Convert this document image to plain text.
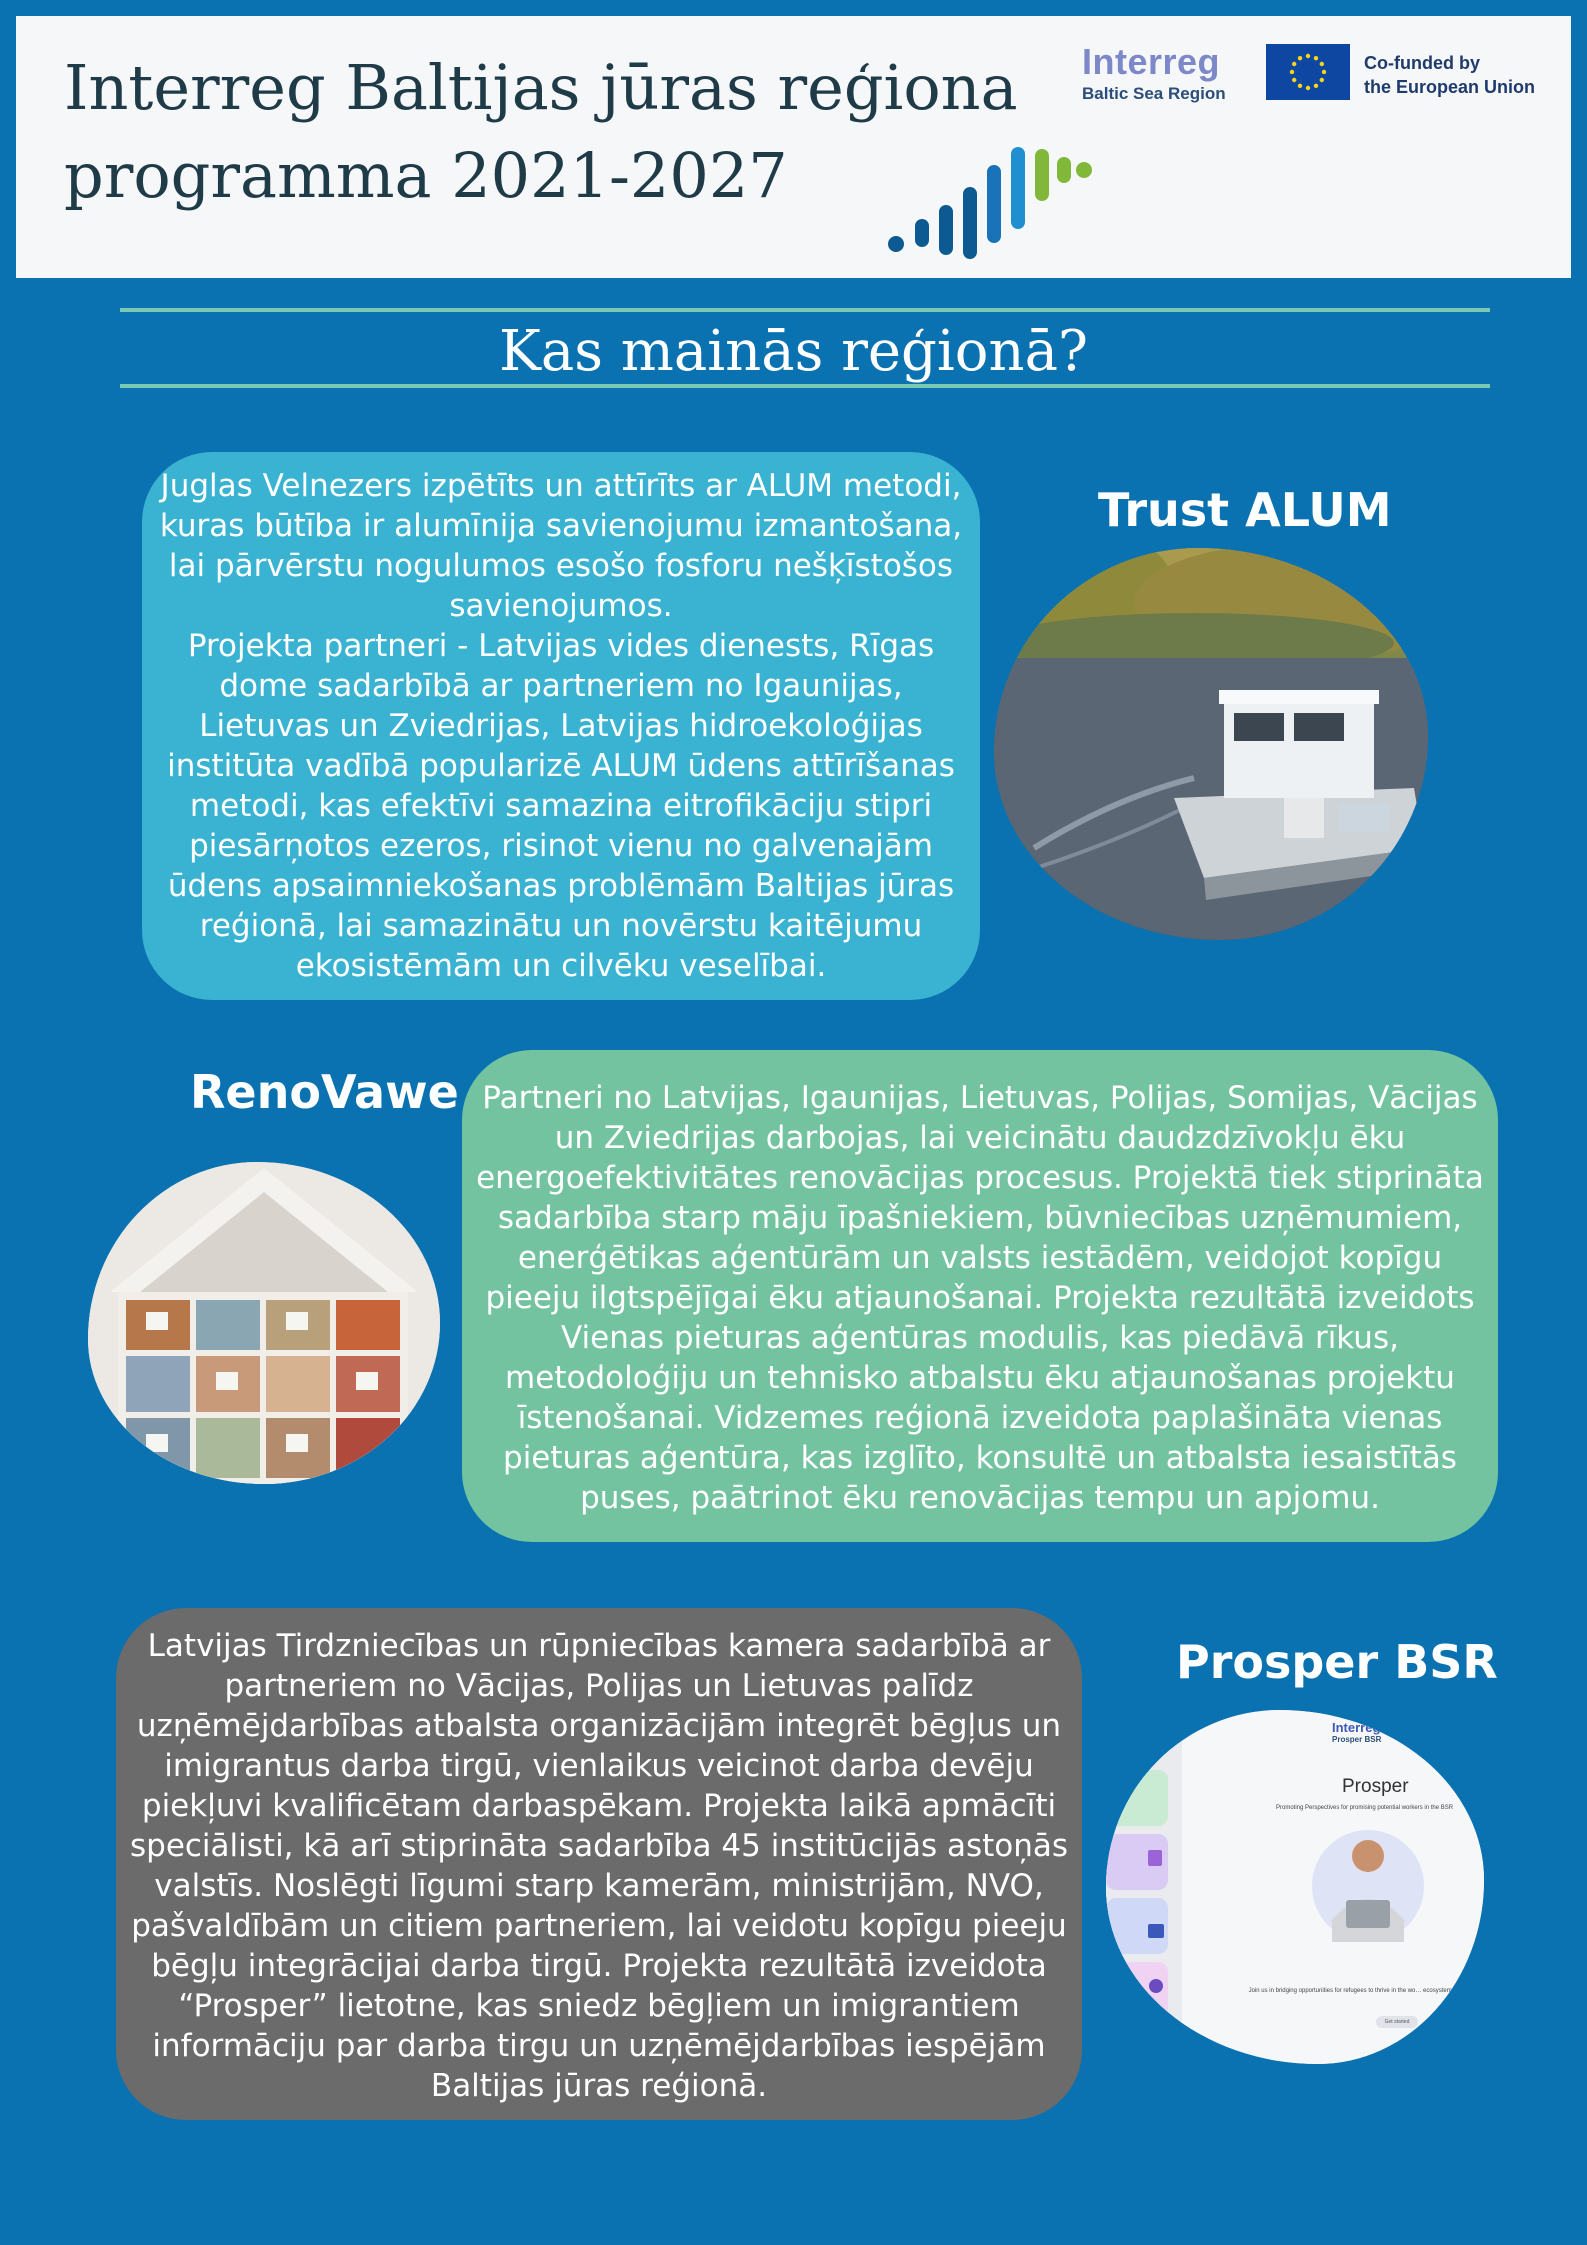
Interreg Baltijas jūras reģiona
programma 2021-2027
Interreg
Baltic Sea Region
Co-funded by
the European Union
Kas mainās reģionā?

Juglas Velnezers izpētīts un attīrīts ar ALUM metodi, kuras būtība ir alumīnija savienojumu izmantošana, lai pārvērstu nogulumos esošo fosforu nešķīstošos savienojumos.

Projekta partneri - Latvijas vides dienests, Rīgas dome sadarbībā ar partneriem no Igaunijas, Lietuvas un Zviedrijas, Latvijas hidroekoloģijas institūta vadībā popularizē ALUM ūdens attīrīšanas metodi, kas efektīvi samazina eitrofikāciju stipri piesārņotos ezeros, risinot vienu no galvenajām ūdens apsaimniekošanas problēmām Baltijas jūras reģionā, lai samazinātu un novērstu kaitējumu ekosistēmām un cilvēku veselībai.

Trust ALUM
RenoVawe Partneri no Latvijas, Igaunijas, Lietuvas, Polijas, Somijas, Vācijas un Zviedrijas darbojas, lai veicinātu daudzdzīvokļu ēku energoefektivitātes renovācijas procesus. Projektā tiek stiprināta sadarbība starp māju īpašniekiem, būvniecības uzņēmumiem, enerģētikas aģentūrām un valsts iestādēm, veidojot kopīgu pieeju ilgtspējīgai ēku atjaunošanai. Projekta rezultātā izveidots Vienas pieturas aģentūras modulis, kas piedāvā rīkus, metodoloģiju un tehnisko atbalstu ēku atjaunošanas projektu īstenošanai. Vidzemes reģionā izveidota paplašināta vienas pieturas aģentūra, kas izglīto, konsultē un atbalsta iesaistītās puses, paātrinot ēku renovācijas tempu un apjomu.

Latvijas Tirdzniecības un rūpniecības kamera sadarbībā ar partneriem no Vācijas, Polijas un Lietuvas palīdz uzņēmējdarbības atbalsta organizācijām integrēt bēgļus un imigrantus darba tirgū, vienlaikus veicinot darba devēju piekļuvi kvalificētam darbaspēkam. Projekta laikā apmācīti speciālisti, kā arī stiprināta sadarbība 45 institūcijās astoņās valstīs. Noslēgti līgumi starp kamerām, ministrijām, NVO, pašvaldībām un citiem partneriem, lai veidotu kopīgu pieeju bēgļu integrācijai darba tirgū. Projekta rezultātā izveidota “Prosper” lietotne, kas sniedz bēgļiem un imigrantiem informāciju par darba tirgu un uzņēmējdarbības iespējām Baltijas jūras reģionā.

Prosper BSR
Interreg
Prosper BSR
Prosper
Promoting Perspectives for promising potential workers in the BSR
Join us in bridging opportunities for refugees to thrive in the wo… ecosystem.
Get started
